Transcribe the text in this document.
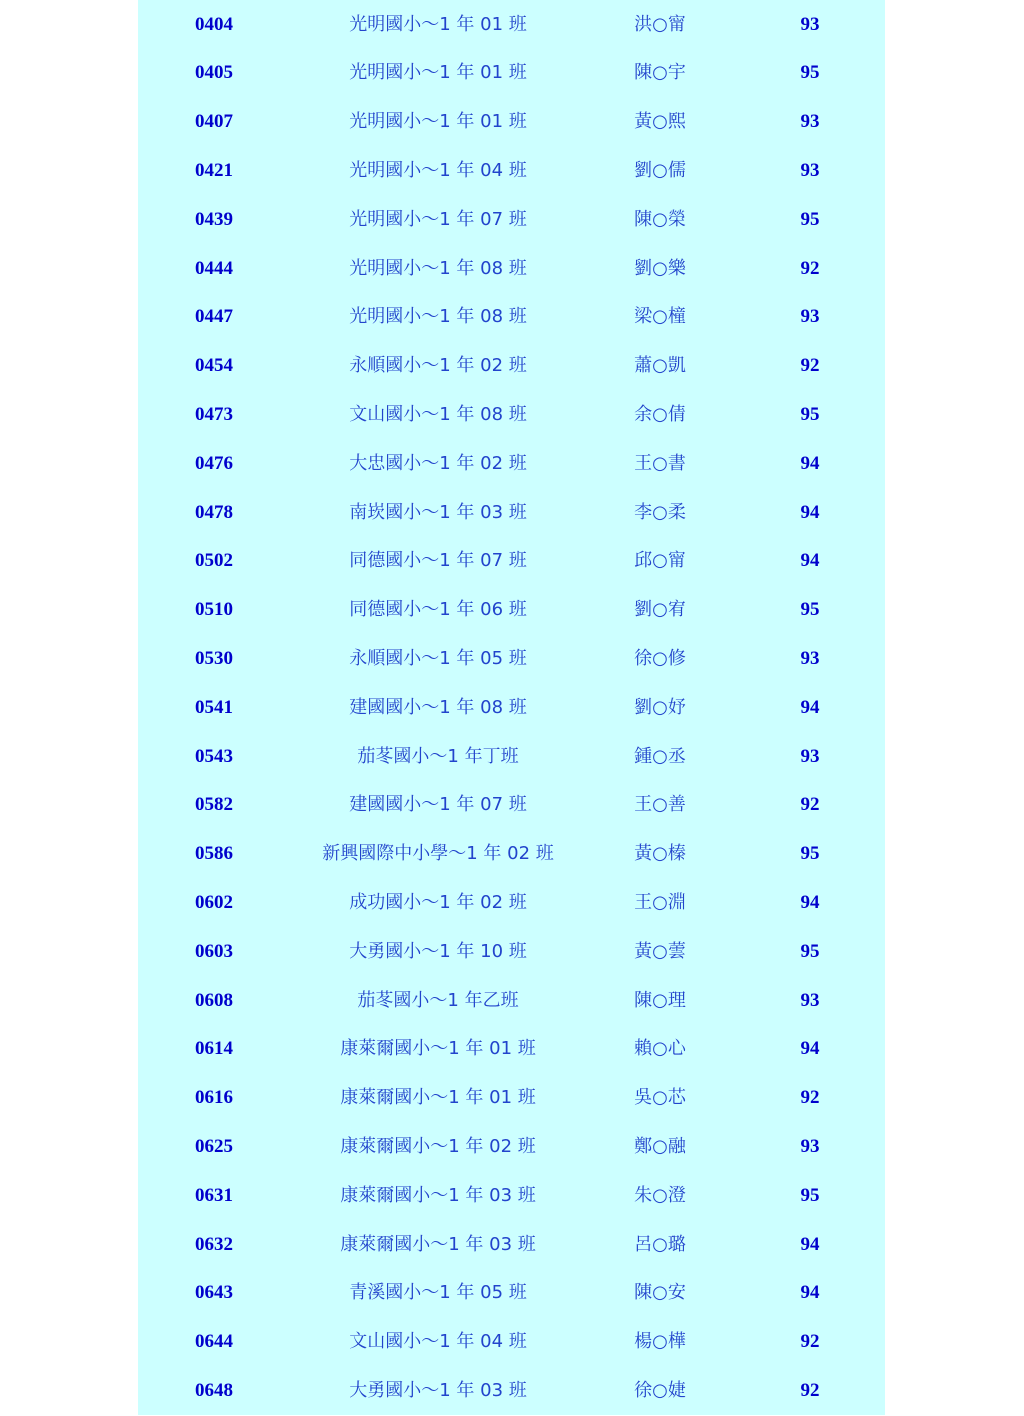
0404	光明國小～1 年 01 班	洪○甯	93
0405	光明國小～1 年 01 班	陳○宇	95
0407	光明國小～1 年 01 班	黃○熙	93
0421	光明國小～1 年 04 班	劉○儒	93
0439	光明國小～1 年 07 班	陳○榮	95
0444	光明國小～1 年 08 班	劉○樂	92
0447	光明國小～1 年 08 班	梁○橦	93
0454	永順國小～1 年 02 班	蕭○凱	92
0473	文山國小～1 年 08 班	余○倩	95
0476	大忠國小～1 年 02 班	王○書	94
0478	南崁國小～1 年 03 班	李○柔	94
0502	同德國小～1 年 07 班	邱○甯	94
0510	同德國小～1 年 06 班	劉○宥	95
0530	永順國小～1 年 05 班	徐○修	93
0541	建國國小～1 年 08 班	劉○妤	94
0543	茄苳國小～1 年丁班	鍾○丞	93
0582	建國國小～1 年 07 班	王○善	92
0586	新興國際中小學～1 年 02 班	黃○榛	95
0602	成功國小～1 年 02 班	王○淵	94
0603	大勇國小～1 年 10 班	黃○蕓	95
0608	茄苳國小～1 年乙班	陳○理	93
0614	康萊爾國小～1 年 01 班	賴○心	94
0616	康萊爾國小～1 年 01 班	吳○芯	92
0625	康萊爾國小～1 年 02 班	鄭○融	93
0631	康萊爾國小～1 年 03 班	朱○澄	95
0632	康萊爾國小～1 年 03 班	呂○璐	94
0643	青溪國小～1 年 05 班	陳○安	94
0644	文山國小～1 年 04 班	楊○樺	92
0648	大勇國小～1 年 03 班	徐○婕	92
